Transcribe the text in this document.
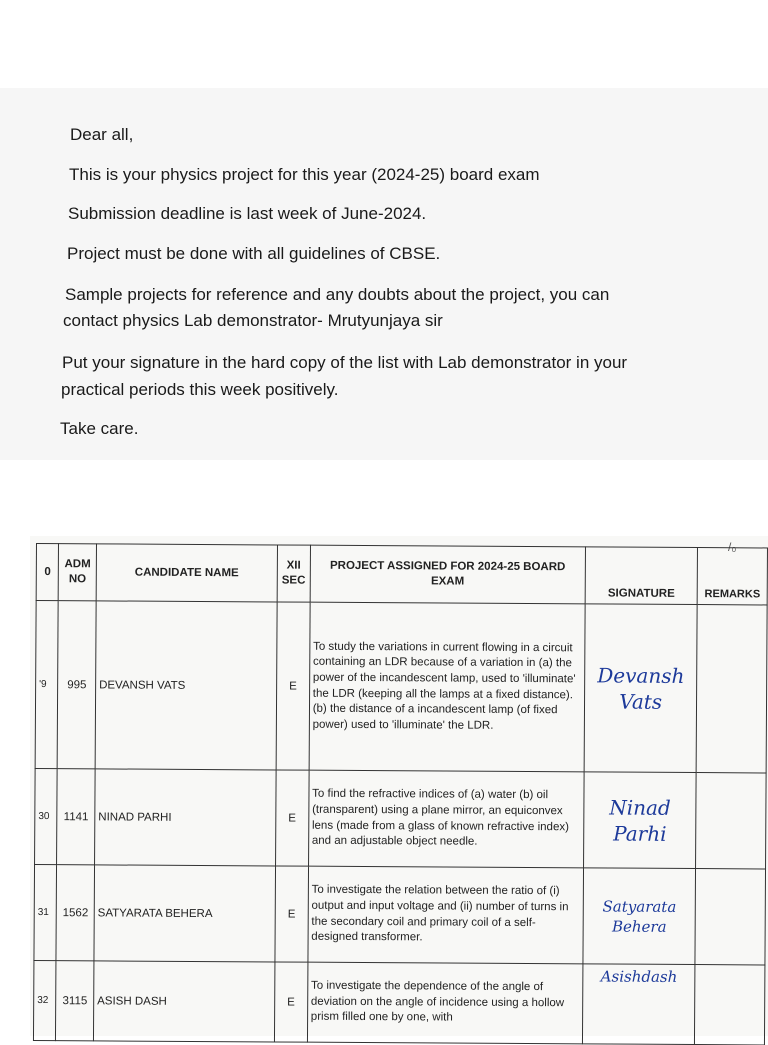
Dear all,
This is your physics project for this year (2024-25) board exam
Submission deadline is last week of June-2024.
Project must be done with all guidelines of CBSE.
Sample projects for reference and any doubts about the project, you can
contact physics Lab demonstrator- Mrutyunjaya sir
Put your signature in the hard copy of the list with Lab demonstrator in your
practical periods this week positively.
Take care.
/₀
0	ADM NO	CANDIDATE NAME	XII SEC	PROJECT ASSIGNED FOR 2024-25 BOARD EXAM	SIGNATURE	REMARKS
'9	995	DEVANSH VATS	E	To study the variations in current flowing in a circuit containing an LDR because of a variation in (a) the power of the incandescent lamp, used to 'illuminate' the LDR (keeping all the lamps at a fixed distance). (b) the distance of a incandescent lamp (of fixed power) used to 'illuminate' the LDR.	Devansh Vats	

30	1141	NINAD PARHI	E	To find the refractive indices of (a) water (b) oil (transparent) using a plane mirror, an equiconvex lens (made from a glass of known refractive index) and an adjustable object needle.	Ninad Parhi	

31	1562	SATYARATA BEHERA	E	To investigate the relation between the ratio of (i) output and input voltage and (ii) number of turns in the secondary coil and primary coil of a self-designed transformer.	Satyarata Behera	

32	3115	ASISH DASH	E	To investigate the dependence of the angle of deviation on the angle of incidence using a hollow prism filled one by one, with	Asishdash	
